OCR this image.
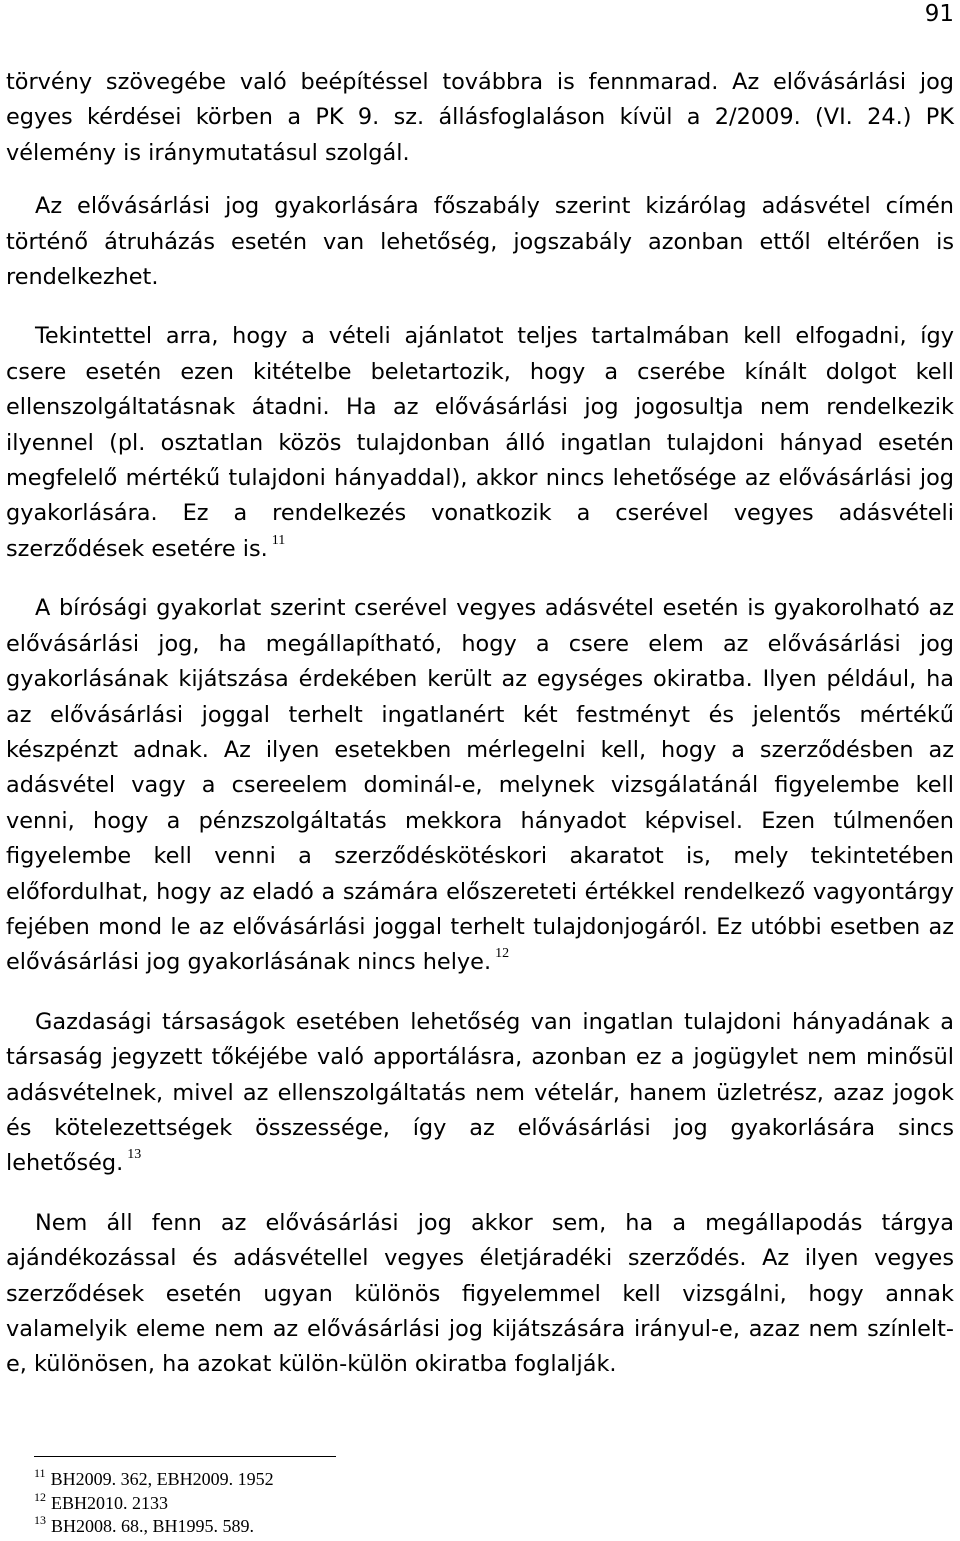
91

törvény szövegébe való beépítéssel továbbra is fennmarad. Az elővásárlási jog egyes kérdései körben a PK 9. sz. állásfoglaláson kívül a 2/2009. (VI. 24.) PK vélemény is iránymutatásul szolgál.

Az elővásárlási jog gyakorlására főszabály szerint kizárólag adásvétel címén történő átruházás esetén van lehetőség, jogszabály azonban ettől eltérően is rendelkezhet.

Tekintettel arra, hogy a vételi ajánlatot teljes tartalmában kell elfogadni, így csere esetén ezen kitételbe beletartozik, hogy a cserébe kínált dolgot kell ellenszolgáltatásnak átadni. Ha az elővásárlási jog jogosultja nem rendelkezik ilyennel (pl. osztatlan közös tulajdonban álló ingatlan tulajdoni hányad esetén megfelelő mértékű tulajdoni hányaddal), akkor nincs lehetősége az elővásárlási jog gyakorlására. Ez a rendelkezés vonatkozik a cserével vegyes adásvételi szerződések esetére is. $^{11}$

A bírósági gyakorlat szerint cserével vegyes adásvétel esetén is gyakorolható az elővásárlási jog, ha megállapítható, hogy a csere elem az elővásárlási jog gyakorlásának kijátszása érdekében került az egységes okiratba. Ilyen például, ha az elővásárlási joggal terhelt ingatlanért két festményt és jelentős mértékű készpénzt adnak. Az ilyen esetekben mérlegelni kell, hogy a szerződésben az adásvétel vagy a csereelem dominál-e, melynek vizsgálatánál figyelembe kell venni, hogy a pénzszolgáltatás mekkora hányadot képvisel. Ezen túlmenően figyelembe kell venni a szerződéskötéskori akaratot is, mely tekintetében előfordulhat, hogy az eladó a számára előszereteti értékkel rendelkező vagyontárgy fejében mond le az elővásárlási joggal terhelt tulajdonjogáról. Ez utóbbi esetben az elővásárlási jog gyakorlásának nincs helye. $^{12}$

Gazdasági társaságok esetében lehetőség van ingatlan tulajdoni hányadának a társaság jegyzett tőkéjébe való apportálásra, azonban ez a jogügylet nem minősül adásvételnek, mivel az ellenszolgáltatás nem vételár, hanem üzletrész, azaz jogok és kötelezettségek összessége, így az elővásárlási jog gyakorlására sincs lehetőség. $^{13}$

Nem áll fenn az elővásárlási jog akkor sem, ha a megállapodás tárgya ajándékozással és adásvétellel vegyes életjáradéki szerződés. Az ilyen vegyes szerződések esetén ugyan különös figyelemmel kell vizsgálni, hogy annak valamelyik eleme nem az elővásárlási jog kijátszására irányul-e, azaz nem színlelt-e, különösen, ha azokat külön-külön okiratba foglalják.

$^{11}$ BH2009. 362, EBH2009. 1952
$^{12}$ EBH2010. 2133
$^{13}$ BH2008. 68., BH1995. 589.
